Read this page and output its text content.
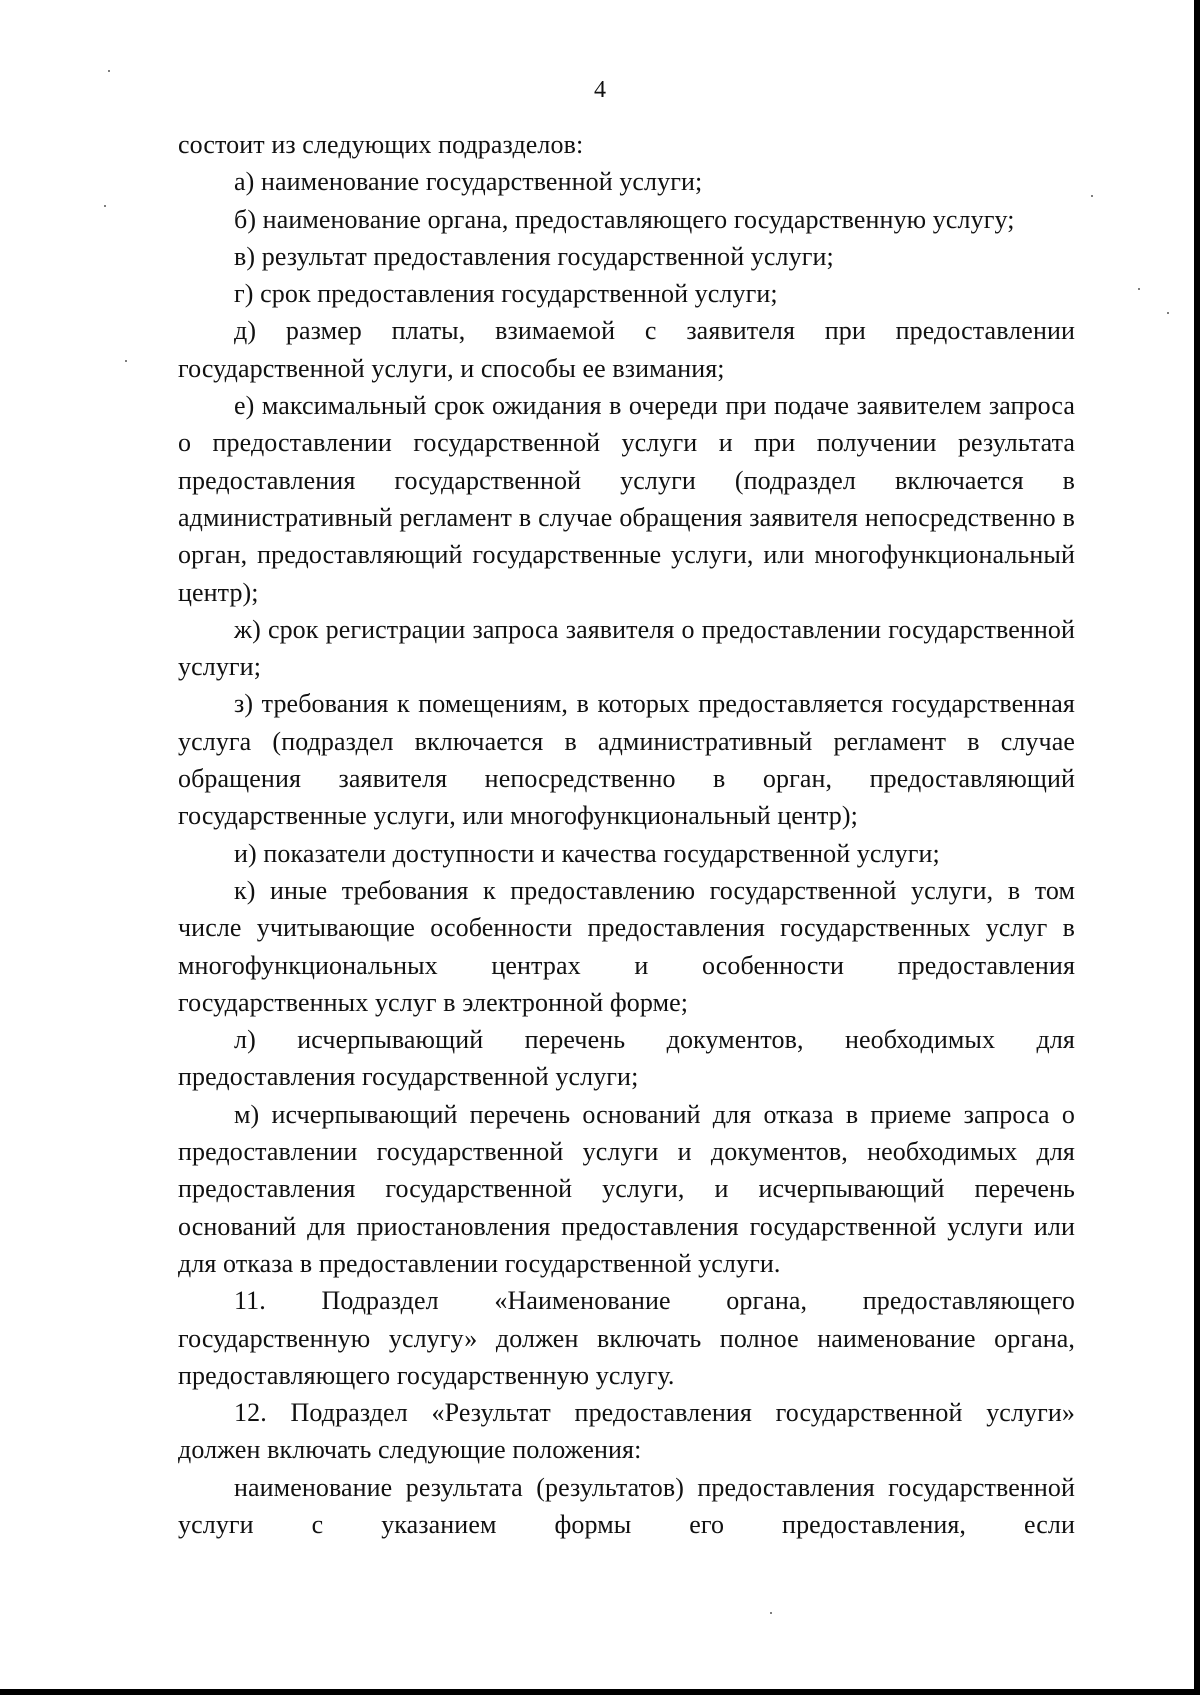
4

состоит из следующих подразделов:

а) наименование государственной услуги;

б) наименование органа, предоставляющего государственную услугу;

в) результат предоставления государственной услуги;

г) срок предоставления государственной услуги;

д) размер платы, взимаемой с заявителя при предоставлении государственной услуги, и способы ее взимания;

е) максимальный срок ожидания в очереди при подаче заявителем запроса о предоставлении государственной услуги и при получении результата предоставления государственной услуги (подраздел включается в административный регламент в случае обращения заявителя непосредственно в орган, предоставляющий государственные услуги, или многофункциональный центр);

ж) срок регистрации запроса заявителя о предоставлении государственной услуги;

з) требования к помещениям, в которых предоставляется государственная услуга (подраздел включается в административный регламент в случае обращения заявителя непосредственно в орган, предоставляющий государственные услуги, или многофункциональный центр);

и) показатели доступности и качества государственной услуги;

к) иные требования к предоставлению государственной услуги, в том числе учитывающие особенности предоставления государственных услуг в многофункциональных центрах и особенности предоставления государственных услуг в электронной форме;

л) исчерпывающий перечень документов, необходимых для предоставления государственной услуги;

м) исчерпывающий перечень оснований для отказа в приеме запроса о предоставлении государственной услуги и документов, необходимых для предоставления государственной услуги, и исчерпывающий перечень оснований для приостановления предоставления государственной услуги или для отказа в предоставлении государственной услуги.

11. Подраздел «Наименование органа, предоставляющего государственную услугу» должен включать полное наименование органа, предоставляющего государственную услугу.

12. Подраздел «Результат предоставления государственной услуги» должен включать следующие положения:

наименование результата (результатов) предоставления государственной услуги с указанием формы его предоставления, если
